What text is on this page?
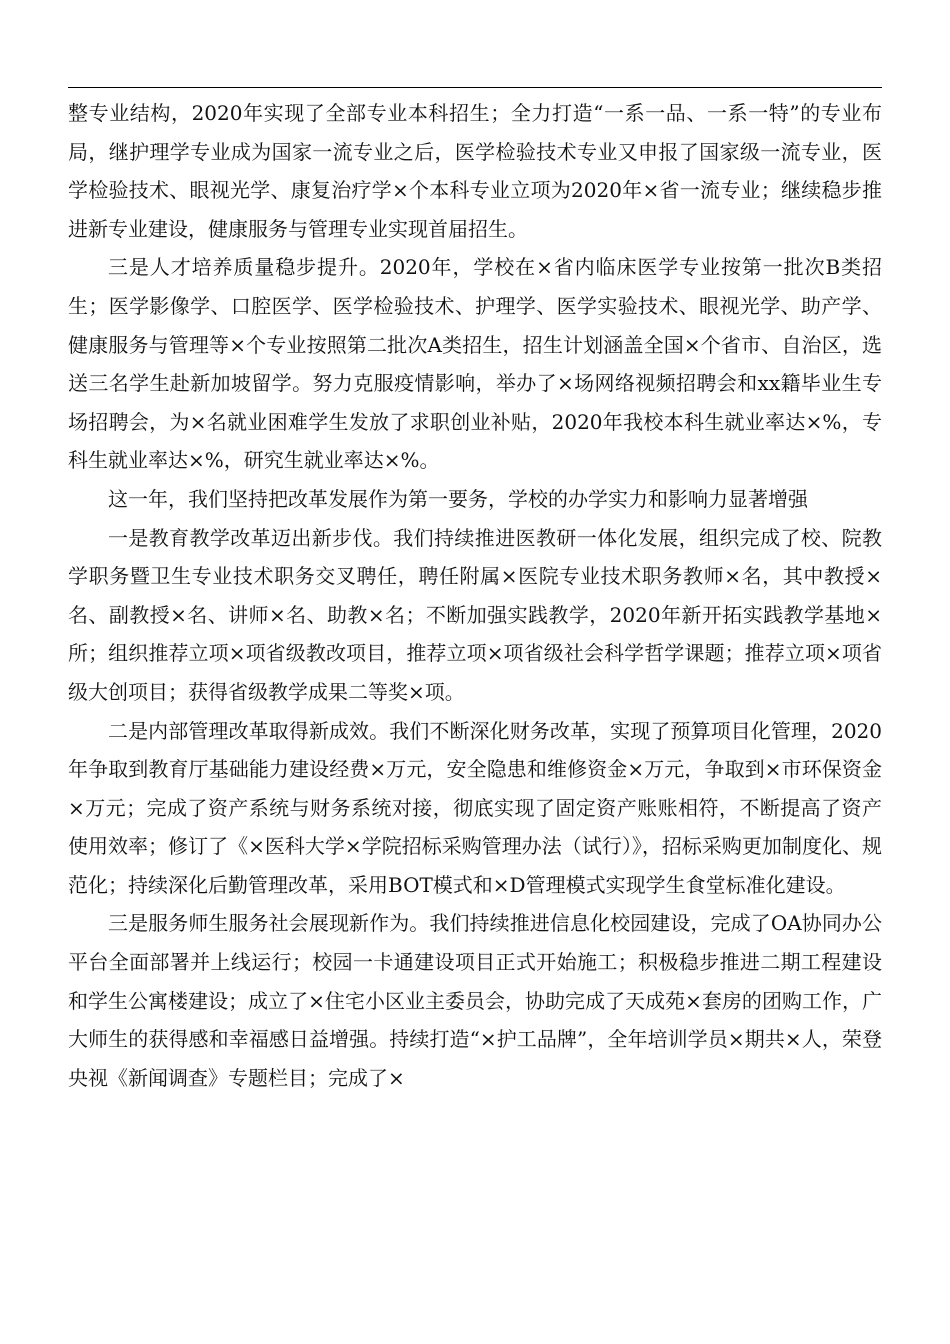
整专业结构，2020年实现了全部专业本科招生；全力打造“一系一品、一系一特”的专业布局，继护理学专业成为国家一流专业之后，医学检验技术专业又申报了国家级一流专业，医学检验技术、眼视光学、康复治疗学×个本科专业立项为2020年×省一流专业；继续稳步推进新专业建设，健康服务与管理专业实现首届招生。

三是人才培养质量稳步提升。2020年，学校在×省内临床医学专业按第一批次B类招生；医学影像学、口腔医学、医学检验技术、护理学、医学实验技术、眼视光学、助产学、健康服务与管理等×个专业按照第二批次A类招生，招生计划涵盖全国×个省市、自治区，选送三名学生赴新加坡留学。努力克服疫情影响，举办了×场网络视频招聘会和xx籍毕业生专场招聘会，为×名就业困难学生发放了求职创业补贴，2020年我校本科生就业率达×%，专科生就业率达×%，研究生就业率达×%。

这一年，我们坚持把改革发展作为第一要务，学校的办学实力和影响力显著增强

一是教育教学改革迈出新步伐。我们持续推进医教研一体化发展，组织完成了校、院教学职务暨卫生专业技术职务交叉聘任，聘任附属×医院专业技术职务教师×名，其中教授×名、副教授×名、讲师×名、助教×名；不断加强实践教学，2020年新开拓实践教学基地×所；组织推荐立项×项省级教改项目，推荐立项×项省级社会科学哲学课题；推荐立项×项省级大创项目；获得省级教学成果二等奖×项。

二是内部管理改革取得新成效。我们不断深化财务改革，实现了预算项目化管理，2020年争取到教育厅基础能力建设经费×万元，安全隐患和维修资金×万元，争取到×市环保资金×万元；完成了资产系统与财务系统对接，彻底实现了固定资产账账相符，不断提高了资产使用效率；修订了《×医科大学×学院招标采购管理办法（试行）》，招标采购更加制度化、规范化；持续深化后勤管理改革，采用BOT模式和×D管理模式实现学生食堂标准化建设。

三是服务师生服务社会展现新作为。我们持续推进信息化校园建设，完成了OA协同办公平台全面部署并上线运行；校园一卡通建设项目正式开始施工；积极稳步推进二期工程建设和学生公寓楼建设；成立了×住宅小区业主委员会，协助完成了天成苑×套房的团购工作，广大师生的获得感和幸福感日益增强。持续打造“×护工品牌”，全年培训学员×期共×人，荣登央视《新闻调查》专题栏目；完成了×
